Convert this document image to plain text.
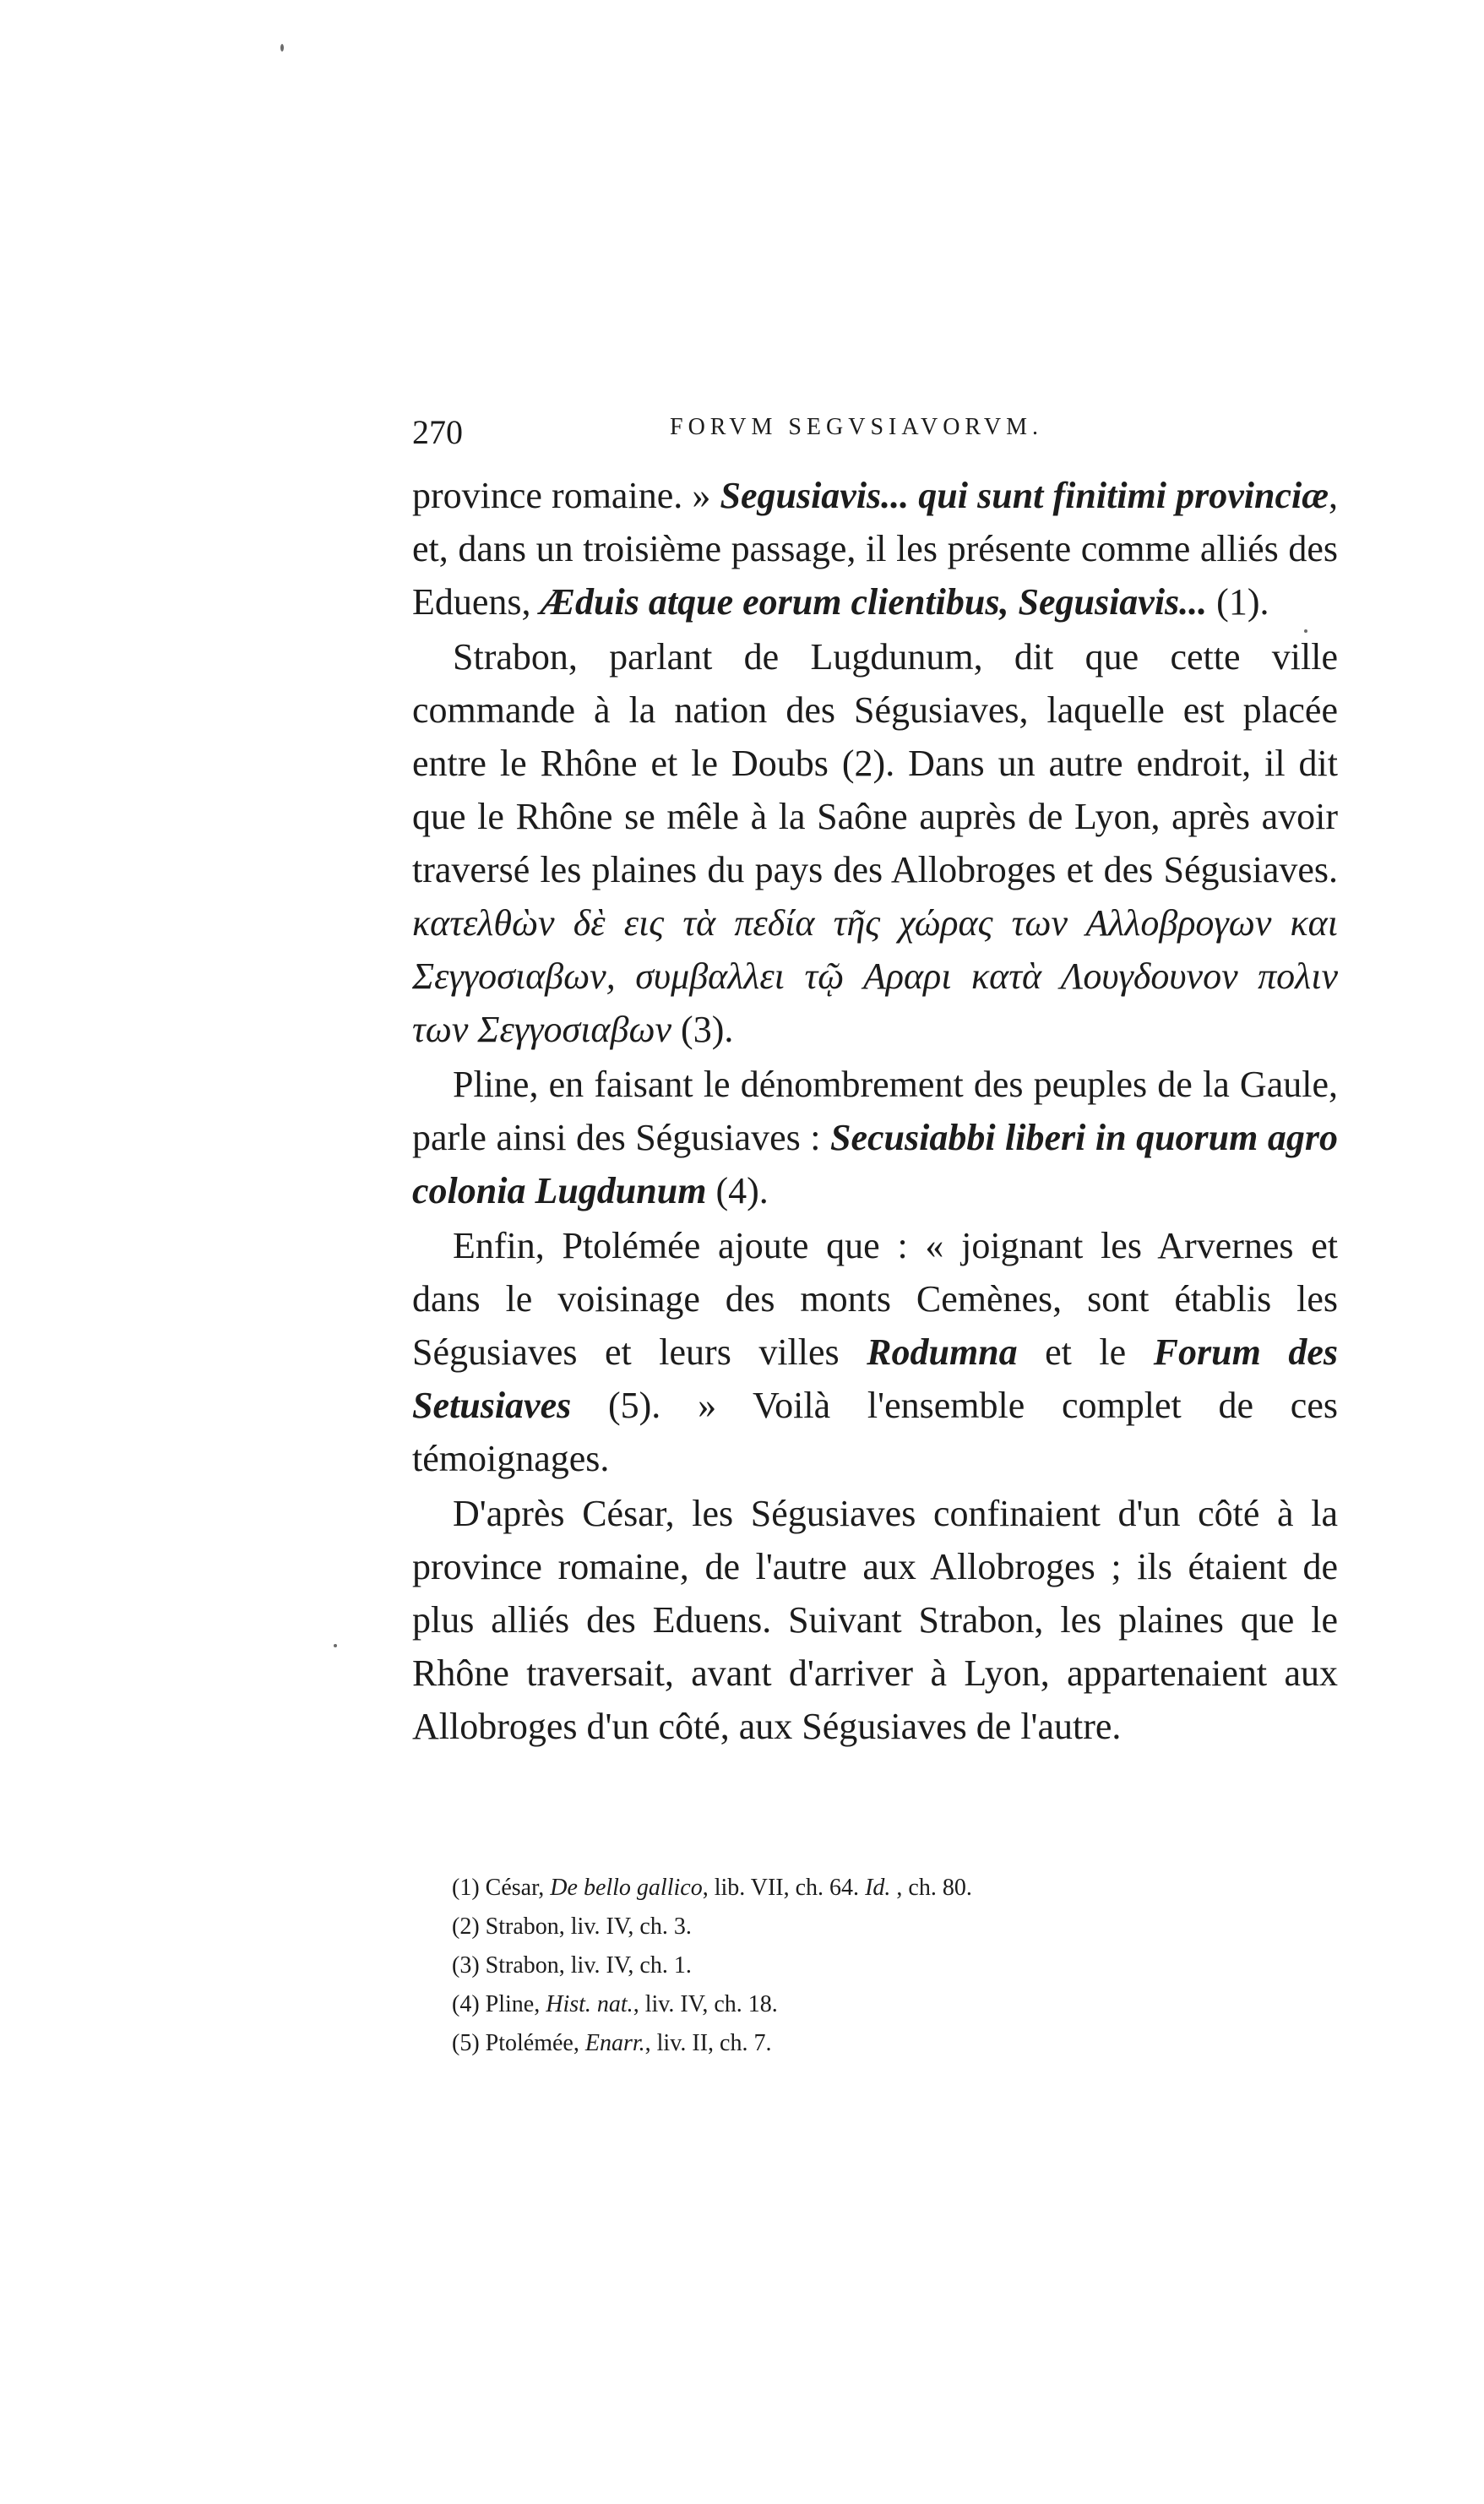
270	FORVM SEGVSIAVORVM.

province romaine. » Segusiavis... qui sunt finitimi provinciæ, et, dans un troisième passage, il les présente comme alliés des Eduens, Æduis atque eorum clientibus, Segusiavis... (1).

Strabon, parlant de Lugdunum, dit que cette ville commande à la nation des Ségusiaves, laquelle est placée entre le Rhône et le Doubs (2). Dans un autre endroit, il dit que le Rhône se mêle à la Saône auprès de Lyon, après avoir traversé les plaines du pays des Allobroges et des Ségusiaves. κατελθὼν δὲ εις τὰ πεδία τῆς χώρας των Αλλοβρογων και Σεγγοσιαβων, συμβαλλει τῷ Αραρι κατὰ Λουγδουνον πολιν των Σεγγοσιαβων (3).

Pline, en faisant le dénombrement des peuples de la Gaule, parle ainsi des Ségusiaves : Secusiabbi liberi in quorum agro colonia Lugdunum (4).

Enfin, Ptolémée ajoute que : « joignant les Arvernes et dans le voisinage des monts Cemènes, sont établis les Ségusiaves et leurs villes Rodumna et le Forum des Setusiaves (5). » Voilà l'ensemble complet de ces témoignages.

D'après César, les Ségusiaves confinaient d'un côté à la province romaine, de l'autre aux Allobroges ; ils étaient de plus alliés des Eduens. Suivant Strabon, les plaines que le Rhône traversait, avant d'arriver à Lyon, appartenaient aux Allobroges d'un côté, aux Ségusiaves de l'autre.

(1) César, De bello gallico, lib. VII, ch. 64. Id. , ch. 80.
(2) Strabon, liv. IV, ch. 3.
(3) Strabon, liv. IV, ch. 1.
(4) Pline, Hist. nat., liv. IV, ch. 18.
(5) Ptolémée, Enarr., liv. II, ch. 7.
